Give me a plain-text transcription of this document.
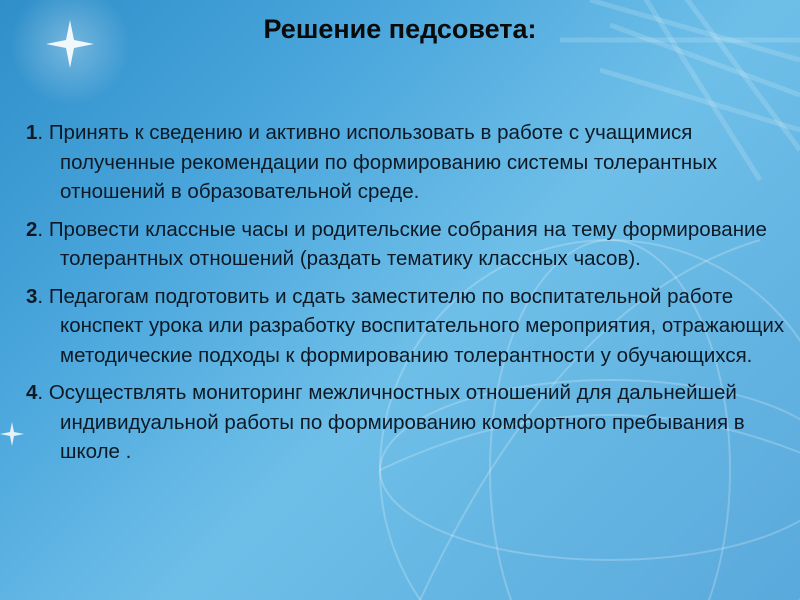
Решение педсовета:
1. Принять к сведению и активно использовать в работе с учащимися полученные рекомендации по формированию системы толерантных отношений в образовательной среде.
2. Провести классные часы и родительские собрания на тему формирование толерантных отношений (раздать тематику классных часов).
3. Педагогам подготовить и сдать заместителю по воспитательной работе конспект урока или разработку воспитательного мероприятия, отражающих методические подходы к формированию толерантности у обучающихся.
4. Осуществлять мониторинг межличностных отношений для дальнейшей индивидуальной работы по формированию комфортного пребывания в школе .
